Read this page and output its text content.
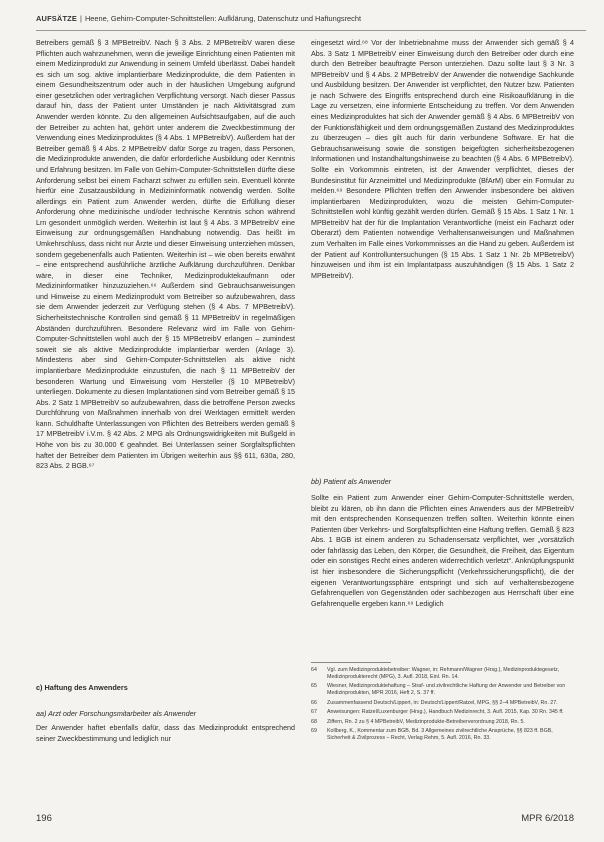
AUFSÄTZE | Heene, Gehirn-Computer-Schnittstellen: Aufklärung, Datenschutz und Haftungsrecht

Betreibers gemäß § 3 MPBetreibV. Nach § 3 Abs. 2 MPBetreibV waren diese Pflichten auch wahrzunehmen, wenn die jeweilige Einrichtung einen Patienten mit einem Medizinprodukt zur Anwendung in seinem Umfeld überlässt. Dabei handelt es sich um sog. aktive implantierbare Medizinprodukte, die dem Patienten in einem Gesundheitszentrum oder auch in der häuslichen Umgebung aufgrund einer gesetzlichen oder vertraglichen Verpflichtung versorgt. Nach dieser Passus darauf hin, dass der Patient unter Umständen je nach Aktivitätsgrad zum Anwender werden könnte. Zu den allgemeinen Aufsichtsaufgaben, auf die auch der Betreiber zu achten hat, gehört unter anderem die Zweckbestimmung der Verwendung eines Medizinproduktes (§ 4 Abs. 1 MPBetreibV). Außerdem hat der Betreiber gemäß § 4 Abs. 2 MPBetreibV dafür Sorge zu tragen, dass Personen, die Medizinprodukte anwenden, die dafür erforderliche Ausbildung oder Kenntnis und Erfahrung besitzen. Im Falle von Gehirn-Computer-Schnittstellen dürfte diese Anforderung selbst bei einem Facharzt schwer zu erfüllen sein. Eventuell könnte hierfür eine Zusatzausbildung in Medizininformatik notwendig werden. Sollte allerdings ein Patient zum Anwender werden, dürfte die Erfüllung dieser Anforderung ohne medizinische und/oder technische Kenntnis schon während Lrn gesondert unmöglich werden. Weiterhin ist laut § 4 Abs. 3 MPBetreibV eine Einweisung zur ordnungsgemäßen Handhabung notwendig. Das heißt im Umkehrschluss, dass nicht nur Ärzte und dieser Einweisung unterziehen müssen, sondern gegebenenfalls auch Patienten. Weiterhin ist – wie oben bereits erwähnt – eine entsprechend ausführliche ärztliche Aufklärung durchzuführen. Denkbar wäre, in dieser eine Techniker, Medizinproduktekaufmann oder Medizininformatiker hinzuzuziehen.⁶⁶ Außerdem sind Gebrauchsanweisungen und Hinweise zu einem Medizinprodukt vom Betreiber so aufzubewahren, dass sie dem Anwender jederzeit zur Verfügung stehen (§ 4 Abs. 7 MPBetreibV). Sicherheitstechnische Kontrollen sind gemäß § 11 MPBetreibV in regelmäßigen Abständen durchzuführen. Besondere Relevanz wird im Falle von Gehirn-Computer-Schnittstellen wohl auch der § 15 MPBetreibV erlangen – zumindest soweit sie als aktive Medizinprodukte implantierbar werden (Anlage 3). Mindestens aber sind Gehirn-Computer-Schnittstellen als aktive nicht implantierbare Medizinprodukte einzustufen, die nach § 11 MPBetreibV der besonderen Wartung und Einweisung vom Hersteller (§ 10 MPBetreibV) unterliegen. Dokumente zu diesen Implantationen sind vom Betreiber gemäß § 15 Abs. 2 Satz 1 MPBetreibV so aufzubewahren, dass die betroffene Person zwecks Durchführung von Maßnahmen innerhalb von drei Werktagen ermittelt werden kann. Schuldhafte Unterlassungen von Pflichten des Betreibers werden gemäß § 17 MPBetreibV i.V.m. § 42 Abs. 2 MPG als Ordnungswidrigkeiten mit Bußgeld in Höhe von bis zu 30.000 € geahndet. Bei Unterlassen seiner Sorgfaltspflichten haftet der Betreiber dem Patienten im Übrigen weiterhin aus §§ 611, 630a, 280, 823 Abs. 2 BGB.⁶⁷

c) Haftung des Anwenders
aa) Arzt oder Forschungsmitarbeiter als Anwender
Der Anwender haftet ebenfalls dafür, dass das Medizinprodukt entsprechend seiner Zweckbestimmung und lediglich nur

eingesetzt wird.⁶⁸ Vor der Inbetriebnahme muss der Anwender sich gemäß § 4 Abs. 3 Satz 1 MPBetreibV einer Einweisung durch den Betreiber oder durch eine durch den Betreiber beauftragte Person unterziehen. Dazu sollte laut § 3 Nr. 3 MPBetreibV und § 4 Abs. 2 MPBetreibV der Anwender die notwendige Sachkunde und Ausbildung besitzen. Der Anwender ist verpflichtet, den Nutzer bzw. Patienten je nach Schwere des Eingriffs entsprechend durch eine Risikoaufklärung in die Lage zu versetzen, eine informierte Entscheidung zu treffen. Vor dem Anwenden eines Medizinproduktes hat sich der Anwender gemäß § 4 Abs. 6 MPBetreibV von der Funktionsfähigkeit und dem ordnungsgemäßen Zustand des Medizinproduktes zu überzeugen – dies gilt auch für darin verbundene Software. Er hat die Gebrauchsanweisung sowie die sonstigen beigefügten sicherheitsbezogenen Informationen und Instandhaltungshinweise zu beachten (§ 4 Abs. 6 MPBetreibV). Sollte ein Vorkommnis eintreten, ist der Anwender verpflichtet, dieses der Bundesinstitut für Arzneimittel und Medizinprodukte (BfArM) über ein Formular zu melden.⁶⁹ Besondere Pflichten treffen den Anwender insbesondere bei aktiven implantierbaren Medizinprodukten, wozu die meisten Gehirn-Computer-Schnittstellen wohl künftig gezählt werden dürfen. Gemäß § 15 Abs. 1 Satz 1 Nr. 1 MPBetreibV hat der für die Implantation Verantwortliche (meist ein Facharzt oder Oberarzt) dem Patienten notwendige Verhaltensanweisungen und Maßnahmen zum Verhalten im Falle eines Vorkommnisses an die Hand zu geben. Außerdem ist der Patient auf Kontrolluntersuchungen (§ 15 Abs. 1 Satz 1 Nr. 2b MPBetreibV) hinzuweisen und ihm ist ein Implantatpass auszuhändigen (§ 15 Abs. 1 Satz 2 MPBetreibV).

bb) Patient als Anwender
Sollte ein Patient zum Anwender einer Gehirn-Computer-Schnittstelle werden, bleibt zu klären, ob ihn dann die Pflichten eines Anwenders aus der MPBetreibV mit den entsprechenden Konsequenzen treffen sollten. Weiterhin könnte einen Patienten über Verkehrs- und Sorgfaltspflichten eine Haftung treffen. Gemäß § 823 Abs. 1 BGB ist einem anderen zu Schadensersatz verpflichtet, wer „vorsätzlich oder fahrlässig das Leben, den Körper, die Gesundheit, die Freiheit, das Eigentum oder ein sonstiges Recht eines anderen widerrechtlich verletzt“. Anknüpfungspunkt ist hier insbesondere die Sicherungspflicht (Verkehrssicherungspflicht), die der eigenen Verantwortungssphäre entspringt und sich auf verhaltensbezogene Gefahrenquellen von Gegenständen oder sachbezogen aus Herrschaft über eine Gefahrenquelle ergeben kann.⁶⁹ Lediglich
64	Vgl. zum Medizinproduktebetreiber: Wagner, in: Rehmann/Wagner (Hrsg.), Medizinproduktegesetz, Medizinprodukterecht (MPG), 3. Aufl. 2018, Einl. Rn. 14.
65	Wiesner, Medizinproduktehaftung – Straf- und zivilrechtliche Haftung der Anwender und Betreiber von Medizinprodukten, MPR 2016, Heft 2, S. 37 ff.
66	Zusammenfassend Deutsch/Lippert, in: Deutsch/Lippert/Ratzel, MPG, §§ 2–4 MPBetreibV, Rn. 27.
67	Anweisungen: Ratzel/Luxenburger (Hrsg.), Handbuch Medizinrecht, 3. Aufl. 2015, Kap. 30 Rn. 345 ff.
68	Ziffern, Rn. 2 zu § 4 MPBetreibV, Medizinprodukte-Betreiberverordnung 2018, Rn. 5.
69	Kollberg, K., Kommentar zum BGB, Bd. 3 Allgemeines zivilrechtliche Ansprüche, §§ 823 ff. BGB, Sicherheit & Zivilprozess – Recht, Verlag Rehm, 5. Aufl. 2016, Rn. 33.
196	MPR 6/2018
